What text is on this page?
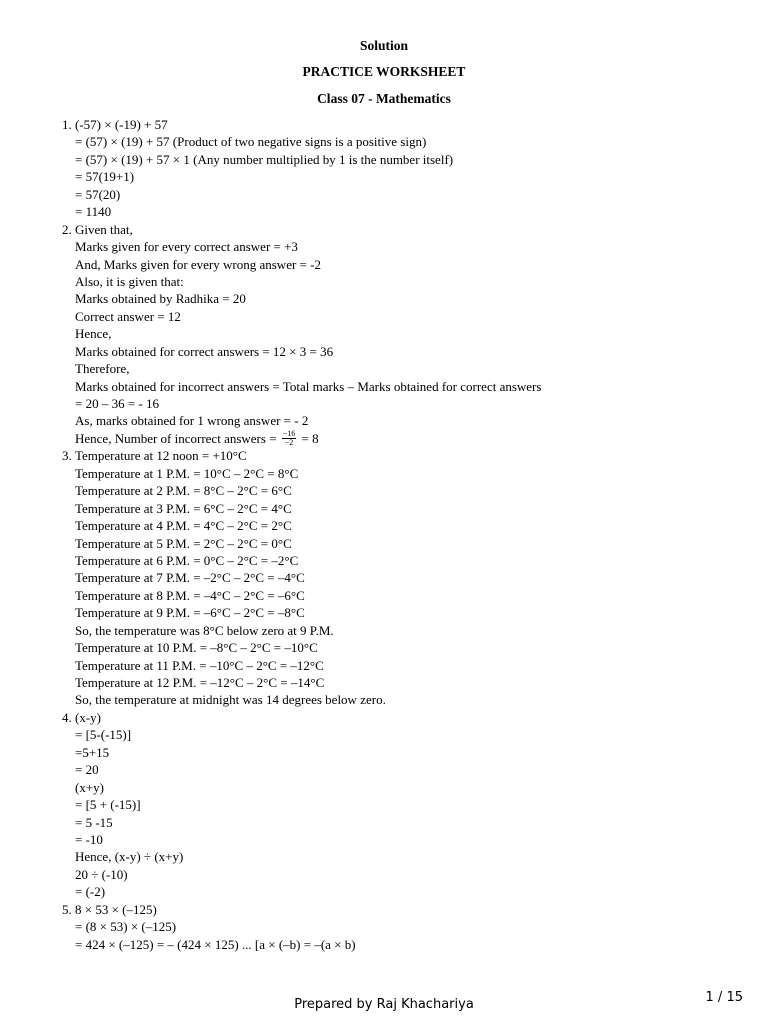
Solution
PRACTICE WORKSHEET
Class 07 - Mathematics
1. (-57) × (-19) + 57
= (57) × (19) + 57 (Product of two negative signs is a positive sign)
= (57) × (19) + 57 × 1 (Any number multiplied by 1 is the number itself)
= 57(19+1)
= 57(20)
= 1140
2. Given that,
Marks given for every correct answer = +3
And, Marks given for every wrong answer = -2
Also, it is given that:
Marks obtained by Radhika = 20
Correct answer = 12
Hence,
Marks obtained for correct answers = 12 × 3 = 36
Therefore,
Marks obtained for incorrect answers = Total marks – Marks obtained for correct answers
= 20 – 36 = - 16
As, marks obtained for 1 wrong answer = - 2
Hence, Number of incorrect answers = $\frac{-16}{-2} = 8$
3. Temperature at 12 noon = +10°C
Temperature at 1 P.M. = 10°C – 2°C = 8°C
Temperature at 2 P.M. = 8°C – 2°C = 6°C
Temperature at 3 P.M. = 6°C – 2°C = 4°C
Temperature at 4 P.M. = 4°C – 2°C = 2°C
Temperature at 5 P.M. = 2°C – 2°C = 0°C
Temperature at 6 P.M. = 0°C – 2°C = –2°C
Temperature at 7 P.M. = –2°C – 2°C = –4°C
Temperature at 8 P.M. = –4°C – 2°C = –6°C
Temperature at 9 P.M. = –6°C – 2°C = –8°C
So, the temperature was 8°C below zero at 9 P.M.
Temperature at 10 P.M. = –8°C – 2°C = –10°C
Temperature at 11 P.M. = –10°C – 2°C = –12°C
Temperature at 12 P.M. = –12°C – 2°C = –14°C
So, the temperature at midnight was 14 degrees below zero.
4. (x-y)
= [5-(-15)]
=5+15
= 20
(x+y)
= [5 + (-15)]
= 5 -15
= -10
Hence, (x-y) ÷ (x+y)
20 ÷ (-10)
= (-2)
5. 8 × 53 × (–125)
= (8 × 53) × (–125)
= 424 × (–125) = – (424 × 125) ... [a × (–b) = –(a × b)
Prepared by Raj Khachariya	1 / 15
